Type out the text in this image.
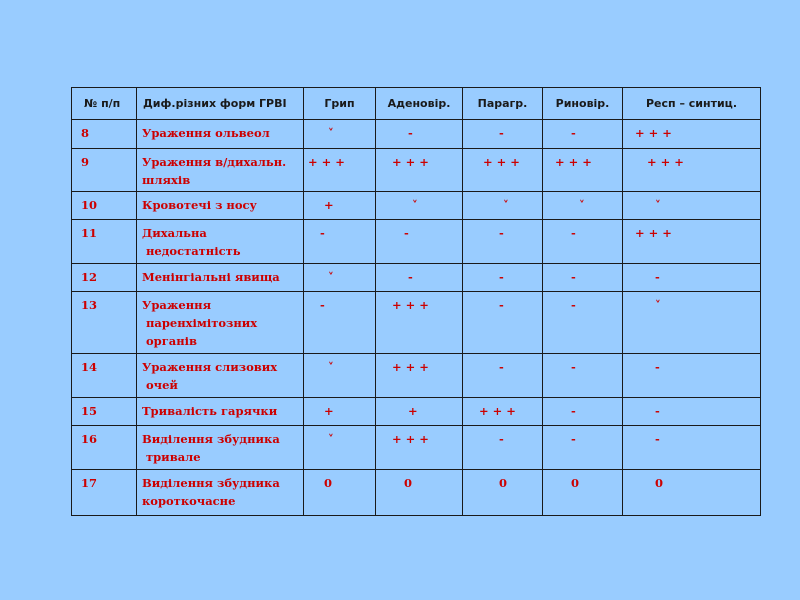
№ п/п	Диф.різних форм ГРВІ	Грип	Аденовір.	Парагр.	Риновір.	Респ – синтиц.
8	Ураження ольвеол	˅	-	-	-	+ + +
9	Ураження в/дихальн.
шляхів	+ + +	+ + +	+ + +	+ + +	+ + +
10	Кровотечі з носу	+	˅	˅	˅	˅
11	Дихальна
недостатність	-	-	-	-	+ + +
12	Менінгіальні явища	˅	-	-	-	-
13	Ураження
паренхімітозних
органів	-	+ + +	-	-	˅
14	Ураження слизових
очей	˅	+ + +	-	-	-
15	Тривалість гарячки	+	+	+ + +	-	-
16	Виділення збудника
тривале	˅	+ + +	-	-	-
17	Виділення збудника
короткочасне	0	0	0	0	0
